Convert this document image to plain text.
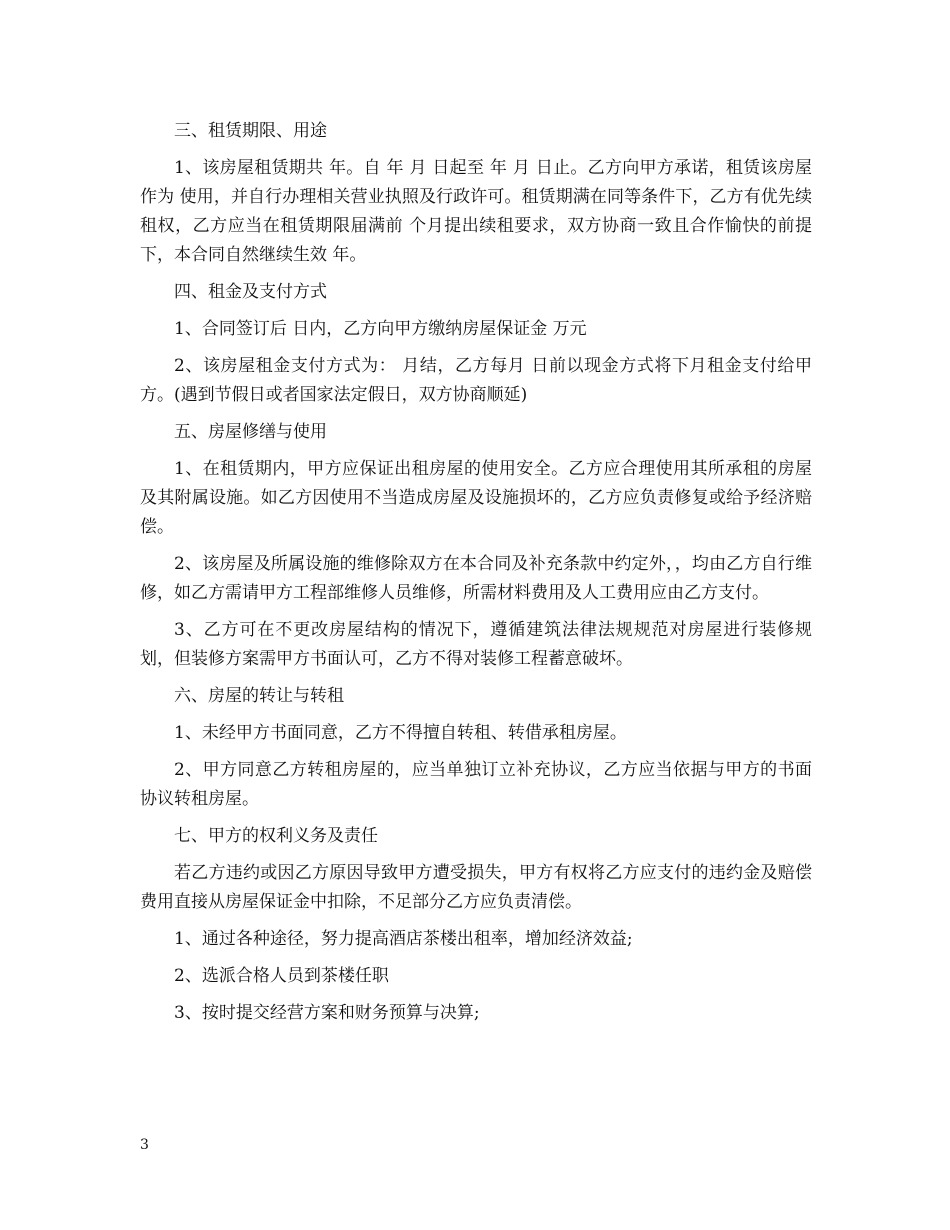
三、租赁期限、用途

1、该房屋租赁期共 年。自 年 月 日起至 年 月 日止。乙方向甲方承诺，租赁该房屋作为 使用，并自行办理相关营业执照及行政许可。租赁期满在同等条件下，乙方有优先续租权，乙方应当在租赁期限届满前 个月提出续租要求，双方协商一致且合作愉快的前提下，本合同自然继续生效 年。

四、租金及支付方式

1、合同签订后 日内，乙方向甲方缴纳房屋保证金 万元

2、该房屋租金支付方式为： 月结，乙方每月 日前以现金方式将下月租金支付给甲方。(遇到节假日或者国家法定假日，双方协商顺延)

五、房屋修缮与使用

1、在租赁期内，甲方应保证出租房屋的使用安全。乙方应合理使用其所承租的房屋及其附属设施。如乙方因使用不当造成房屋及设施损坏的，乙方应负责修复或给予经济赔偿。

2、该房屋及所属设施的维修除双方在本合同及补充条款中约定外，，均由乙方自行维修，如乙方需请甲方工程部维修人员维修，所需材料费用及人工费用应由乙方支付。

3、乙方可在不更改房屋结构的情况下，遵循建筑法律法规规范对房屋进行装修规划，但装修方案需甲方书面认可，乙方不得对装修工程蓄意破坏。

六、房屋的转让与转租

1、未经甲方书面同意，乙方不得擅自转租、转借承租房屋。

2、甲方同意乙方转租房屋的，应当单独订立补充协议，乙方应当依据与甲方的书面协议转租房屋。

七、甲方的权利义务及责任

若乙方违约或因乙方原因导致甲方遭受损失，甲方有权将乙方应支付的违约金及赔偿费用直接从房屋保证金中扣除，不足部分乙方应负责清偿。

1、通过各种途径，努力提高酒店茶楼出租率，增加经济效益;

2、选派合格人员到茶楼任职

3、按时提交经营方案和财务预算与决算;

3
